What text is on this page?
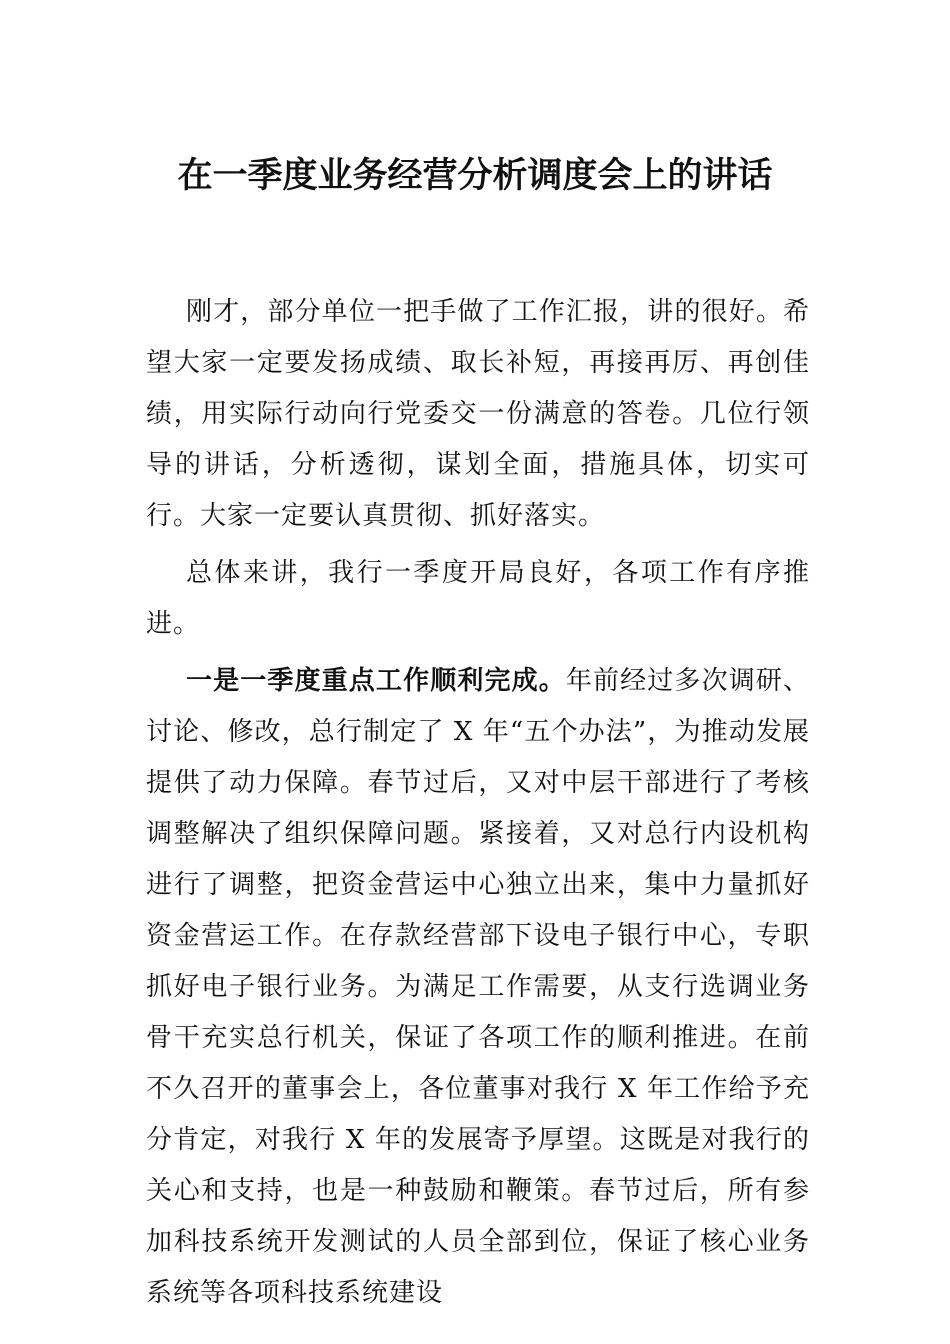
在一季度业务经营分析调度会上的讲话

刚才，部分单位一把手做了工作汇报，讲的很好。希望大家一定要发扬成绩、取长补短，再接再厉、再创佳绩，用实际行动向行党委交一份满意的答卷。几位行领导的讲话，分析透彻，谋划全面，措施具体，切实可行。大家一定要认真贯彻、抓好落实。

总体来讲，我行一季度开局良好，各项工作有序推进。

一是一季度重点工作顺利完成。年前经过多次调研、讨论、修改，总行制定了 X 年“五个办法”，为推动发展提供了动力保障。春节过后，又对中层干部进行了考核调整解决了组织保障问题。紧接着，又对总行内设机构进行了调整，把资金营运中心独立出来，集中力量抓好资金营运工作。在存款经营部下设电子银行中心，专职抓好电子银行业务。为满足工作需要，从支行选调业务骨干充实总行机关，保证了各项工作的顺利推进。在前不久召开的董事会上，各位董事对我行 X 年工作给予充分肯定，对我行 X 年的发展寄予厚望。这既是对我行的关心和支持，也是一种鼓励和鞭策。春节过后，所有参加科技系统开发测试的人员全部到位，保证了核心业务系统等各项科技系统建设
